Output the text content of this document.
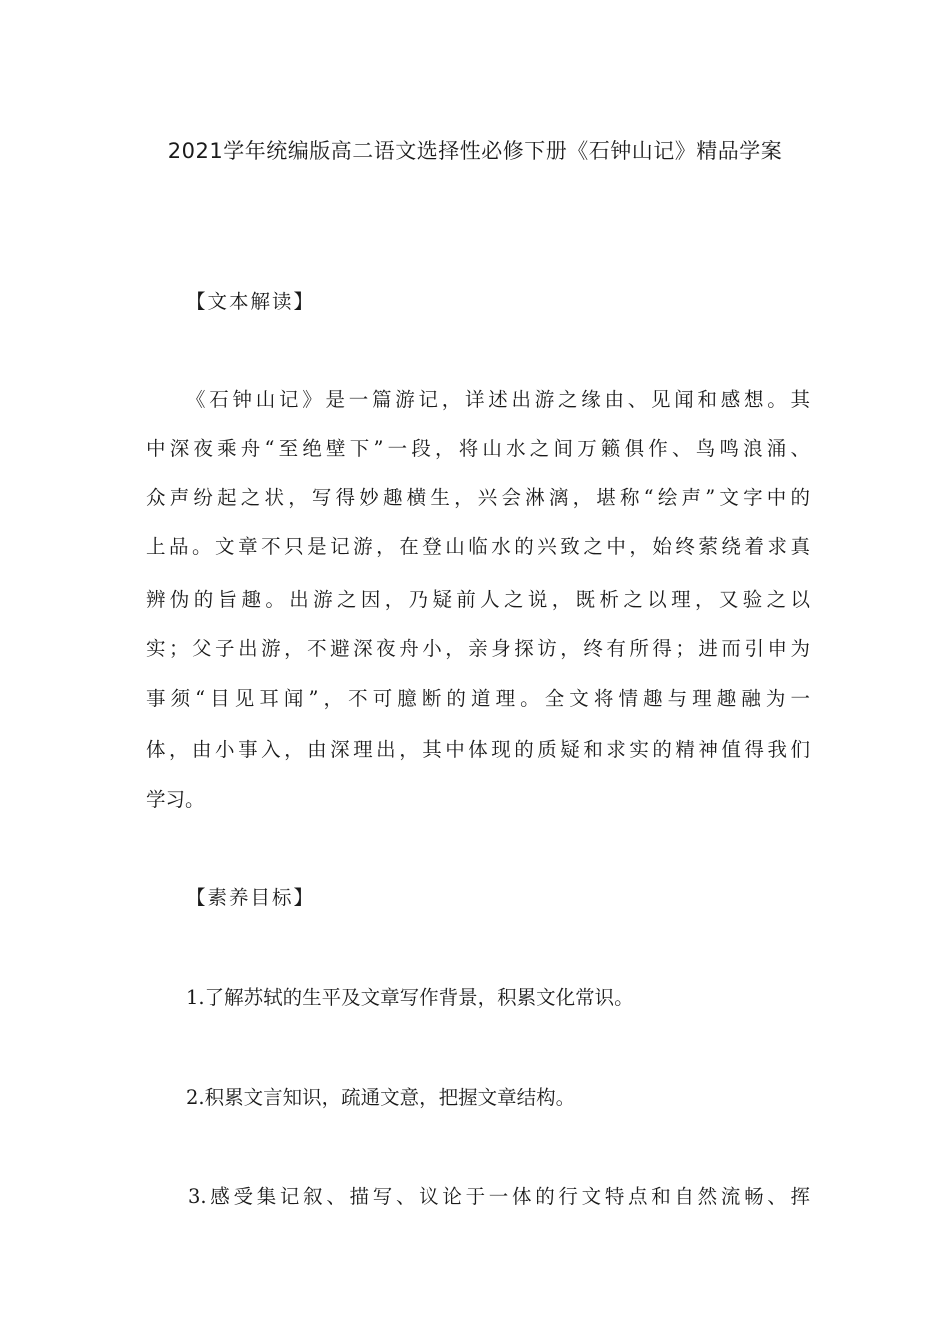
2021学年统编版高二语文选择性必修下册《石钟山记》精品学案
【文本解读】
《石钟山记》是一篇游记，详述出游之缘由、见闻和感想。其
中深夜乘舟“至绝壁下”一段，将山水之间万籁俱作、鸟鸣浪涌、
众声纷起之状，写得妙趣横生，兴会淋漓，堪称“绘声”文字中的
上品。文章不只是记游，在登山临水的兴致之中，始终萦绕着求真
辨伪的旨趣。出游之因，乃疑前人之说，既析之以理，又验之以
实；父子出游，不避深夜舟小，亲身探访，终有所得；进而引申为
事须“目见耳闻”，不可臆断的道理。全文将情趣与理趣融为一
体，由小事入，由深理出，其中体现的质疑和求实的精神值得我们
学习。
【素养目标】
1.了解苏轼的生平及文章写作背景，积累文化常识。
2.积累文言知识，疏通文意，把握文章结构。
3.感受集记叙、描写、议论于一体的行文特点和自然流畅、挥
